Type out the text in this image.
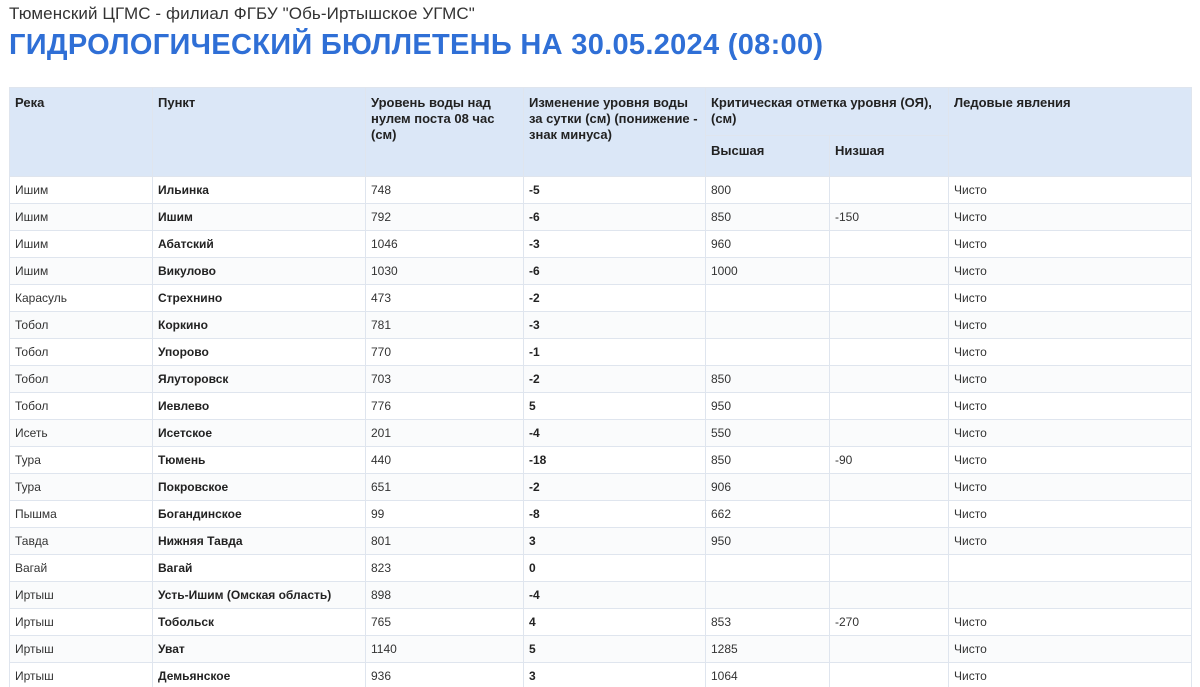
Тюменский ЦГМС - филиал ФГБУ "Обь-Иртышское УГМС"
ГИДРОЛОГИЧЕСКИЙ БЮЛЛЕТЕНЬ НА 30.05.2024 (08:00)
Река	Пункт	Уровень воды над нулем поста 08 час (см)	Изменение уровня воды за сутки (см) (понижение - знак минуса)	Критическая отметка уровня (ОЯ), (см)		Ледовые явления
				Высшая	Низшая	
Ишим	Ильинка	748	-5	800		Чисто
Ишим	Ишим	792	-6	850	-150	Чисто
Ишим	Абатский	1046	-3	960		Чисто
Ишим	Викулово	1030	-6	1000		Чисто
Карасуль	Стрехнино	473	-2			Чисто
Тобол	Коркино	781	-3			Чисто
Тобол	Упорово	770	-1			Чисто
Тобол	Ялуторовск	703	-2	850		Чисто
Тобол	Иевлево	776	5	950		Чисто
Исеть	Исетское	201	-4	550		Чисто
Тура	Тюмень	440	-18	850	-90	Чисто
Тура	Покровское	651	-2	906		Чисто
Пышма	Богандинское	99	-8	662		Чисто
Тавда	Нижняя Тавда	801	3	950		Чисто
Вагай	Вагай	823	0			
Иртыш	Усть-Ишим (Омская область)	898	-4			
Иртыш	Тобольск	765	4	853	-270	Чисто
Иртыш	Уват	1140	5	1285		Чисто
Иртыш	Демьянское	936	3	1064		Чисто
